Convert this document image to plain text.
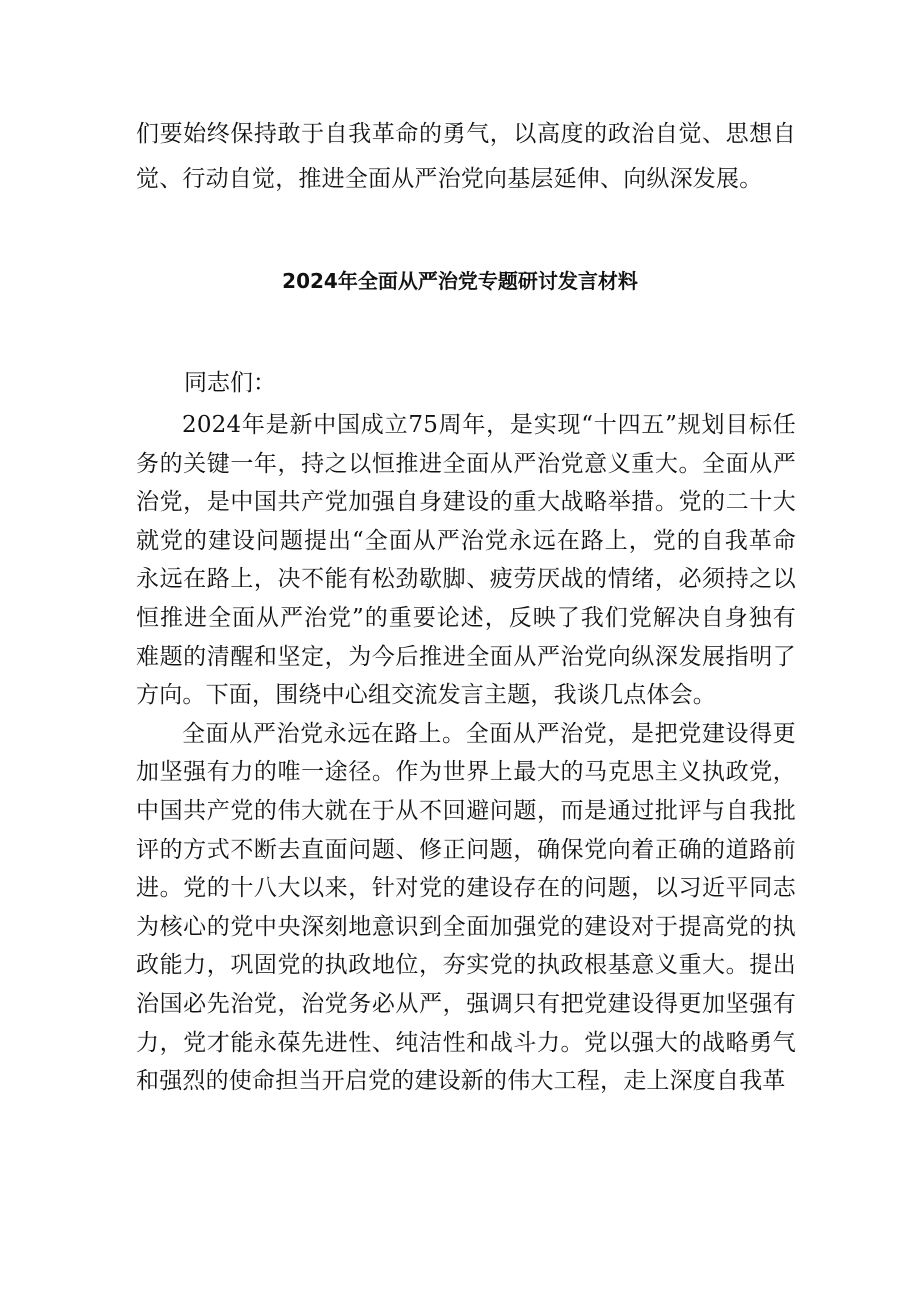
们要始终保持敢于自我革命的勇气，以高度的政治自觉、思想自觉、行动自觉，推进全面从严治党向基层延伸、向纵深发展。

2024年全面从严治党专题研讨发言材料
同志们：

2024年是新中国成立75周年，是实现“十四五”规划目标任务的关键一年，持之以恒推进全面从严治党意义重大。全面从严治党，是中国共产党加强自身建设的重大战略举措。党的二十大就党的建设问题提出“全面从严治党永远在路上，党的自我革命永远在路上，决不能有松劲歇脚、疲劳厌战的情绪，必须持之以恒推进全面从严治党”的重要论述，反映了我们党解决自身独有难题的清醒和坚定，为今后推进全面从严治党向纵深发展指明了方向。下面，围绕中心组交流发言主题，我谈几点体会。

全面从严治党永远在路上。全面从严治党，是把党建设得更加坚强有力的唯一途径。作为世界上最大的马克思主义执政党，中国共产党的伟大就在于从不回避问题，而是通过批评与自我批评的方式不断去直面问题、修正问题，确保党向着正确的道路前进。党的十八大以来，针对党的建设存在的问题，以习近平同志为核心的党中央深刻地意识到全面加强党的建设对于提高党的执政能力，巩固党的执政地位，夯实党的执政根基意义重大。提出治国必先治党，治党务必从严，强调只有把党建设得更加坚强有力，党才能永葆先进性、纯洁性和战斗力。党以强大的战略勇气和强烈的使命担当开启党的建设新的伟大工程，走上深度自我革
